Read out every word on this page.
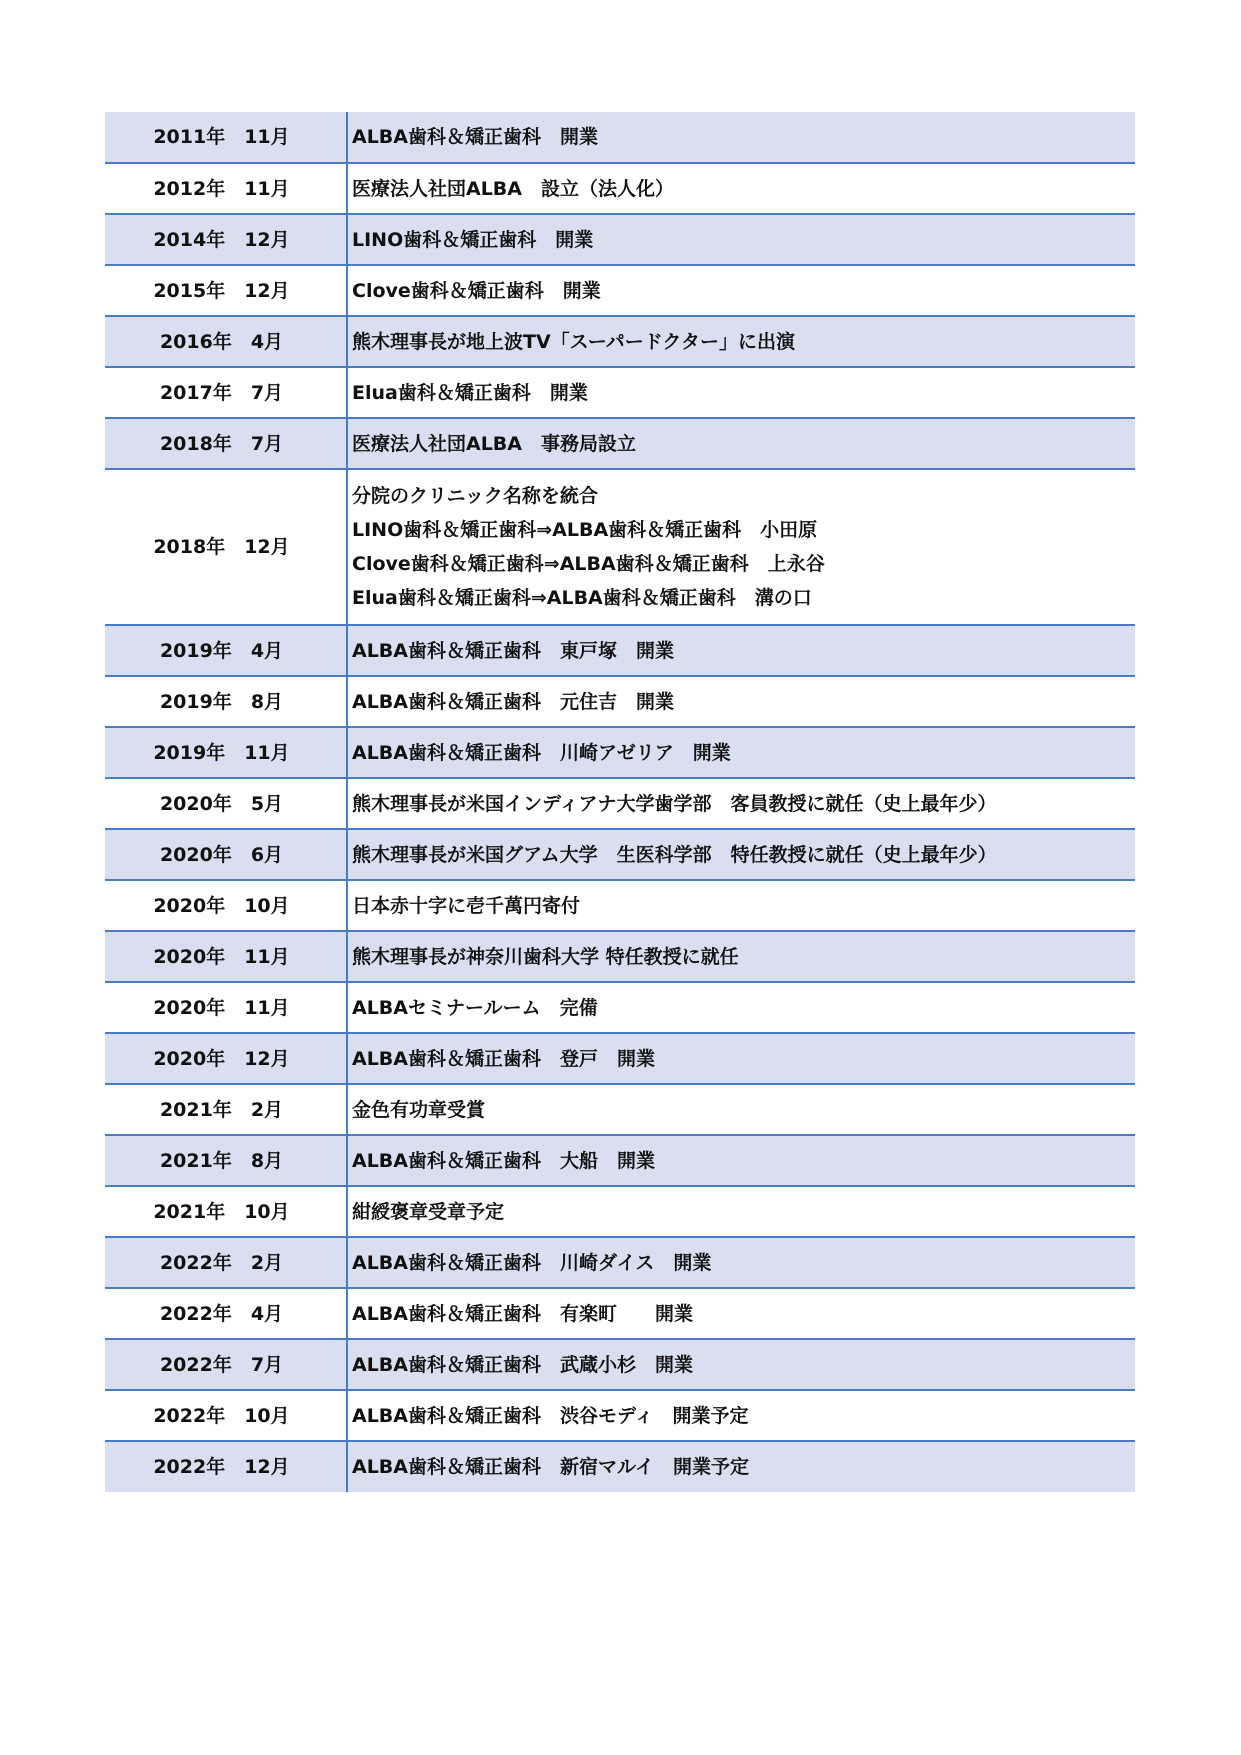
2011年　11月	ALBA歯科＆矯正歯科　開業

2012年　11月	医療法人社団ALBA　設立（法人化）

2014年　12月	LINO歯科＆矯正歯科　開業

2015年　12月	Clove歯科＆矯正歯科　開業

2016年　4月	熊木理事長が地上波TV「スーパードクター」に出演

2017年　7月	Elua歯科＆矯正歯科　開業

2018年　7月	医療法人社団ALBA　事務局設立

2018年　12月	分院のクリニック名称を統合
LINO歯科＆矯正歯科⇒ALBA歯科＆矯正歯科　小田原
Clove歯科＆矯正歯科⇒ALBA歯科＆矯正歯科　上永谷
Elua歯科＆矯正歯科⇒ALBA歯科＆矯正歯科　溝の口

2019年　4月	ALBA歯科＆矯正歯科　東戸塚　開業

2019年　8月	ALBA歯科＆矯正歯科　元住吉　開業

2019年　11月	ALBA歯科＆矯正歯科　川崎アゼリア　開業

2020年　5月	熊木理事長が米国インディアナ大学歯学部　客員教授に就任（史上最年少）

2020年　6月	熊木理事長が米国グアム大学　生医科学部　特任教授に就任（史上最年少）

2020年　10月	日本赤十字に壱千萬円寄付

2020年　11月	熊木理事長が神奈川歯科大学 特任教授に就任

2020年　11月	ALBAセミナールーム　完備

2020年　12月	ALBA歯科＆矯正歯科　登戸　開業

2021年　2月	金色有功章受賞

2021年　8月	ALBA歯科＆矯正歯科　大船　開業

2021年　10月	紺綬褒章受章予定

2022年　2月	ALBA歯科＆矯正歯科　川崎ダイス　開業

2022年　4月	ALBA歯科＆矯正歯科　有楽町　　開業

2022年　7月	ALBA歯科＆矯正歯科　武蔵小杉　開業

2022年　10月	ALBA歯科＆矯正歯科　渋谷モディ　開業予定

2022年　12月	ALBA歯科＆矯正歯科　新宿マルイ　開業予定
